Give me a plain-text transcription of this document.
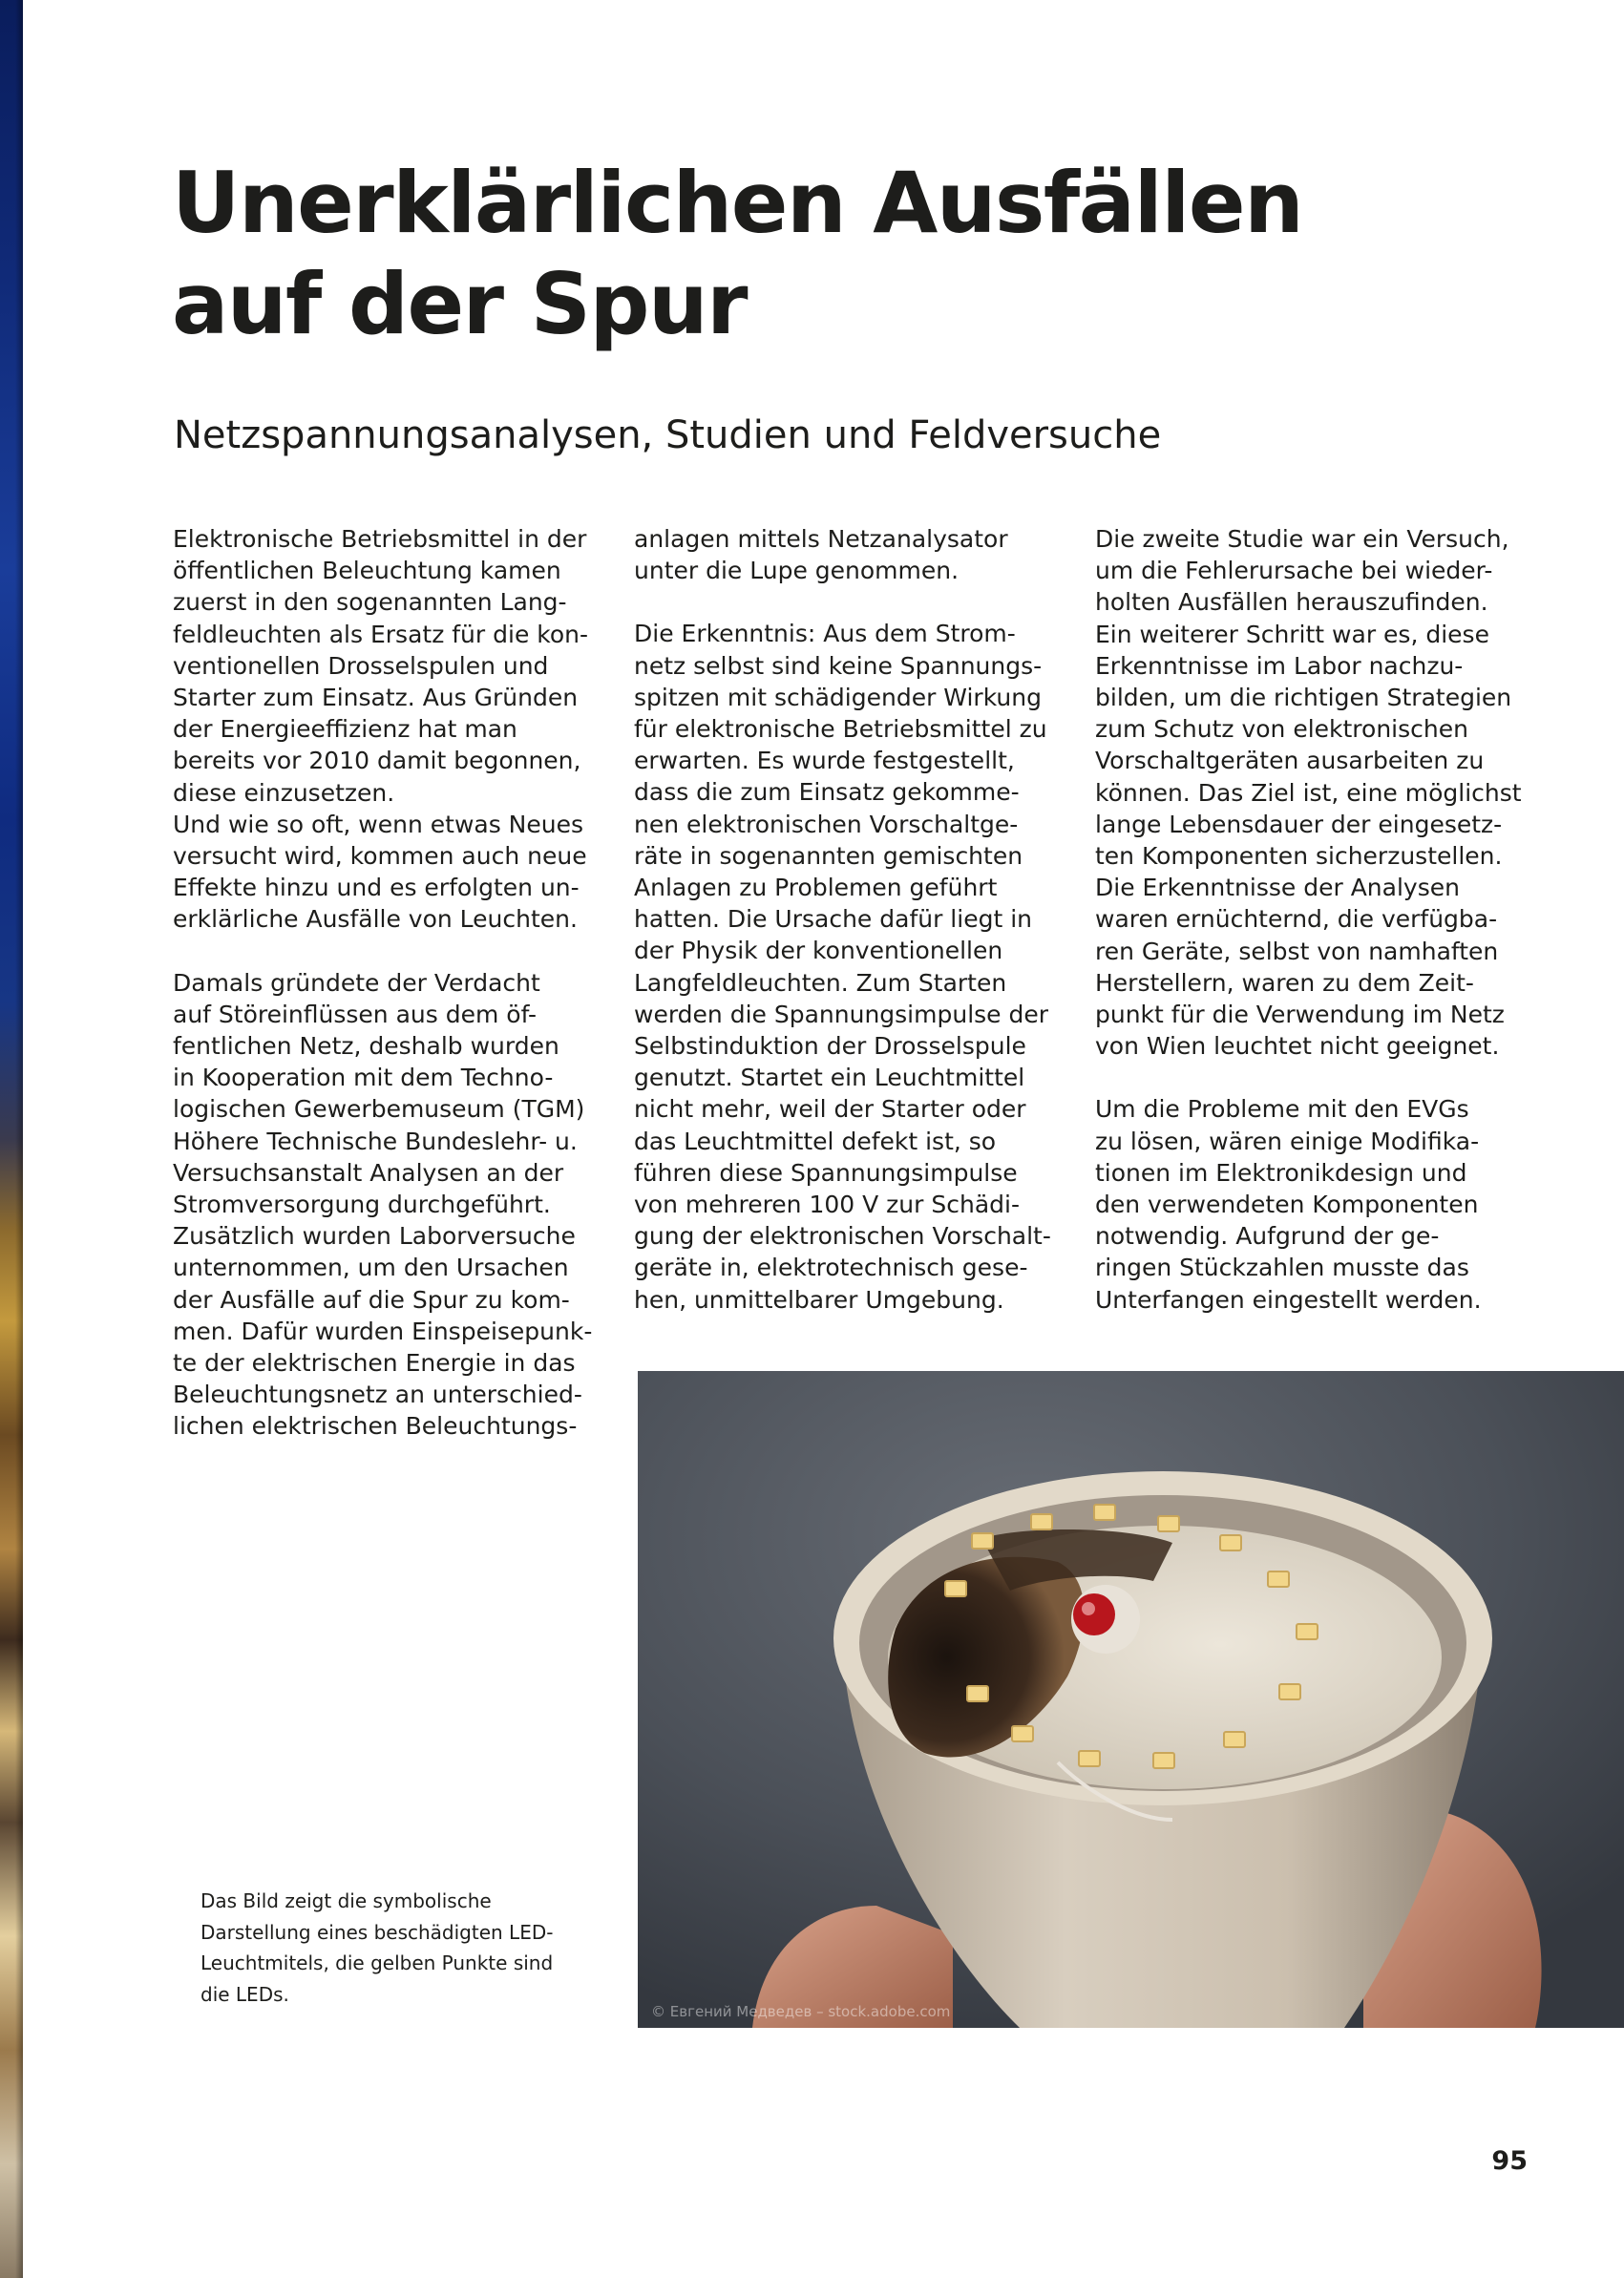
Unerklärlichen Ausfällen
auf der Spur
Netzspannungsanalysen, Studien und Feldversuche
Elektronische Betriebsmittel in der
öffentlichen Beleuchtung kamen
zuerst in den sogenannten Lang-
feldleuchten als Ersatz für die kon-
ventionellen Drosselspulen und
Starter zum Einsatz. Aus Gründen
der Energieeffizienz hat man
bereits vor 2010 damit begonnen,
diese einzusetzen.
Und wie so oft, wenn etwas Neues
versucht wird, kommen auch neue
Effekte hinzu und es erfolgten un-
erklärliche Ausfälle von Leuchten.
Damals gründete der Verdacht
auf Störeinflüssen aus dem öf-
fentlichen Netz, deshalb wurden
in Kooperation mit dem Techno-
logischen Gewerbemuseum (TGM)
Höhere Technische Bundeslehr- u.
Versuchsanstalt Analysen an der
Stromversorgung durchgeführt.
Zusätzlich wurden Laborversuche
unternommen, um den Ursachen
der Ausfälle auf die Spur zu kom-
men. Dafür wurden Einspeisepunk-
te der elektrischen Energie in das
Beleuchtungsnetz an unterschied-
lichen elektrischen Beleuchtungs-
anlagen mittels Netzanalysator
unter die Lupe genommen.
Die Erkenntnis: Aus dem Strom-
netz selbst sind keine Spannungs-
spitzen mit schädigender Wirkung
für elektronische Betriebsmittel zu
erwarten. Es wurde festgestellt,
dass die zum Einsatz gekomme-
nen elektronischen Vorschaltge-
räte in sogenannten gemischten
Anlagen zu Problemen geführt
hatten. Die Ursache dafür liegt in
der Physik der konventionellen
Langfeldleuchten. Zum Starten
werden die Spannungsimpulse der
Selbstinduktion der Drosselspule
genutzt. Startet ein Leuchtmittel
nicht mehr, weil der Starter oder
das Leuchtmittel defekt ist, so
führen diese Spannungsimpulse
von mehreren 100 V zur Schädi-
gung der elektronischen Vorschalt-
geräte in, elektrotechnisch gese-
hen, unmittelbarer Umgebung.
Die zweite Studie war ein Versuch,
um die Fehlerursache bei wieder-
holten Ausfällen herauszufinden.
Ein weiterer Schritt war es, diese
Erkenntnisse im Labor nachzu-
bilden, um die richtigen Strategien
zum Schutz von elektronischen
Vorschaltgeräten ausarbeiten zu
können. Das Ziel ist, eine möglichst
lange Lebensdauer der eingesetz-
ten Komponenten sicherzustellen.
Die Erkenntnisse der Analysen
waren ernüchternd, die verfügba-
ren Geräte, selbst von namhaften
Herstellern, waren zu dem Zeit-
punkt für die Verwendung im Netz
von Wien leuchtet nicht geeignet.
Um die Probleme mit den EVGs
zu lösen, wären einige Modifika-
tionen im Elektronikdesign und
den verwendeten Komponenten
notwendig. Aufgrund der ge-
ringen Stückzahlen musste das
Unterfangen eingestellt werden.
© Евгений Медведев – stock.adobe.com
Das Bild zeigt die symbolische
Darstellung eines beschädigten LED-
Leuchtmitels, die gelben Punkte sind
die LEDs.
95
